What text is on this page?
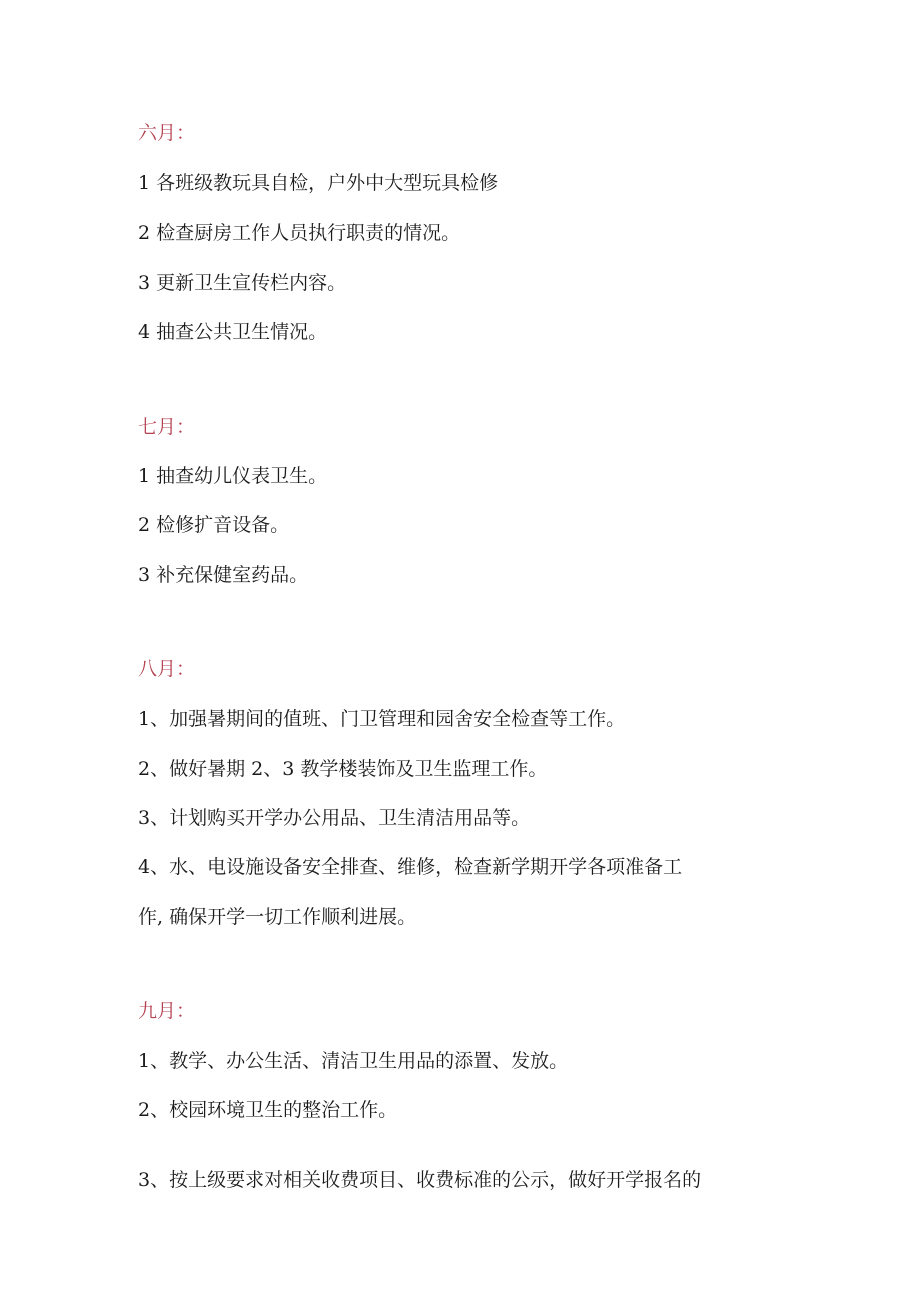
六月：
1 各班级教玩具自检，户外中大型玩具检修
2 检查厨房工作人员执行职责的情况。
3 更新卫生宣传栏内容。
4 抽查公共卫生情况。
七月：
1 抽查幼儿仪表卫生。
2 检修扩音设备。
3 补充保健室药品。
八月：
1、加强暑期间的值班、门卫管理和园舍安全检查等工作。
2、做好暑期 2、3 教学楼装饰及卫生监理工作。
3、计划购买开学办公用品、卫生清洁用品等。
4、水、电设施设备安全排查、维修，检查新学期开学各项准备工
作, 确保开学一切工作顺利进展。
九月：
1、教学、办公生活、清洁卫生用品的添置、发放。
2、校园环境卫生的整治工作。
3、按上级要求对相关收费项目、收费标准的公示，做好开学报名的
